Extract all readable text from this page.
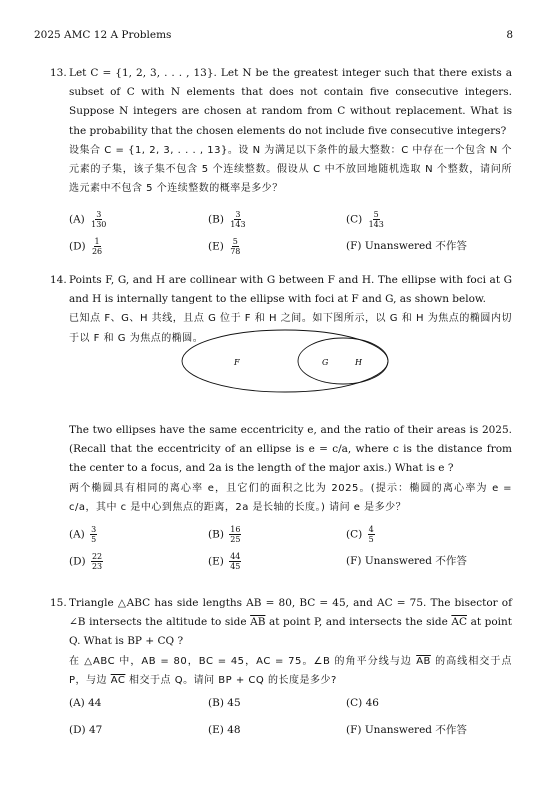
2025 AMC 12 A Problems	8
13. Let C = {1, 2, 3, . . . , 13}. Let N be the greatest integer such that there exists a subset of C with N elements that does not contain five consecutive integers. Suppose N integers are chosen at random from C without replacement. What is the probability that the chosen elements do not include five consecutive integers?

设集合 C = {1, 2, 3, . . . , 13}。设 N 为满足以下条件的最大整数：C 中存在一个包含 N 个元素的子集，该子集不包含 5 个连续整数。假设从 C 中不放回地随机选取 N 个整数，请问所选元素中不包含 5 个连续整数的概率是多少？

$(A) \frac{3}{130}$	$(B) \frac{3}{143}$	$(C) \frac{5}{143}$
$(D) \frac{1}{26}$	$(E) \frac{5}{78}$	(F) Unanswered 不作答
14. Points F, G, and H are collinear with G between F and H. The ellipse with foci at G and H is internally tangent to the ellipse with foci at F and G, as shown below.

已知点 F、G、H 共线，且点 G 位于 F 和 H 之间。如下图所示，以 G 和 H 为焦点的椭圆内切于以 F 和 G 为焦点的椭圆。

F	G	H

The two ellipses have the same eccentricity e, and the ratio of their areas is 2025. (Recall that the eccentricity of an ellipse is e = c/a, where c is the distance from the center to a focus, and 2a is the length of the major axis.) What is e ?

两个椭圆具有相同的离心率 e，且它们的面积之比为 2025。(提示：椭圆的离心率为 e = c/a，其中 c 是中心到焦点的距离，2a 是长轴的长度。) 请问 e 是多少？

$(A) \frac{3}{5}$	$(B) \frac{16}{25}$	$(C) \frac{4}{5}$
$(D) \frac{22}{23}$	$(E) \frac{44}{45}$	(F) Unanswered 不作答
15. Triangle △ABC has side lengths AB = 80, BC = 45, and AC = 75. The bisector of ∠B intersects the altitude to side $\overline{AB}$ at point P, and intersects the side $\overline{AC}$ at point Q. What is BP + CQ ?

在 △ABC 中，AB = 80，BC = 45，AC = 75。∠B 的角平分线与边 $\overline{AB}$ 的高线相交于点 P，与边 $\overline{AC}$ 相交于点 Q。请问 BP + CQ 的长度是多少?

(A) 44	(B) 45	(C) 46
(D) 47	(E) 48	(F) Unanswered 不作答
